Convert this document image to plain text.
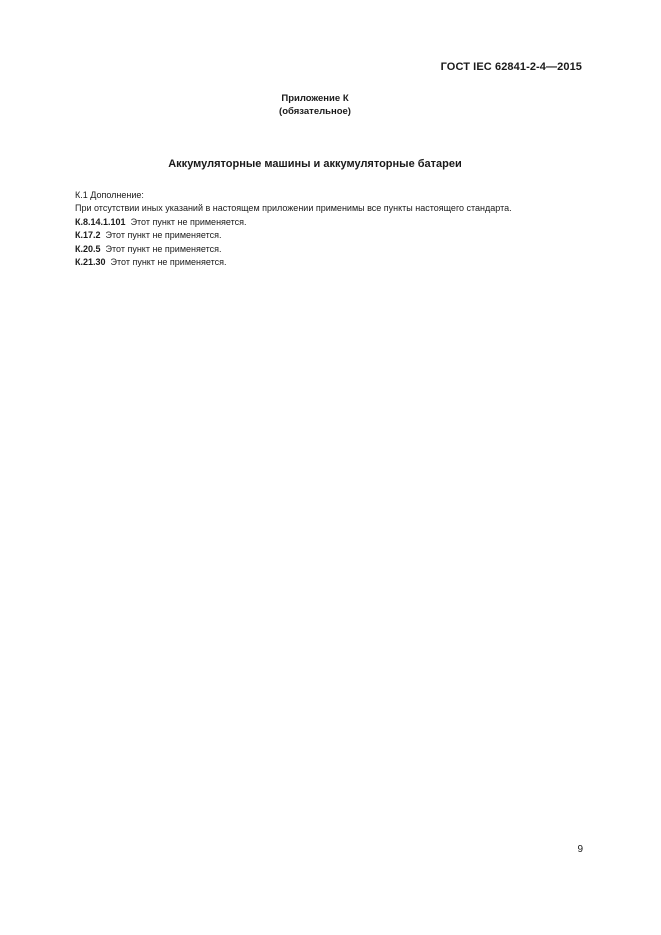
ГОСТ IEC 62841-2-4—2015
Приложение К
(обязательное)
Аккумуляторные машины и аккумуляторные батареи
К.1 Дополнение:
При отсутствии иных указаний в настоящем приложении применимы все пункты настоящего стандарта.
К.8.14.1.101 Этот пункт не применяется.
К.17.2 Этот пункт не применяется.
К.20.5 Этот пункт не применяется.
К.21.30 Этот пункт не применяется.
9
